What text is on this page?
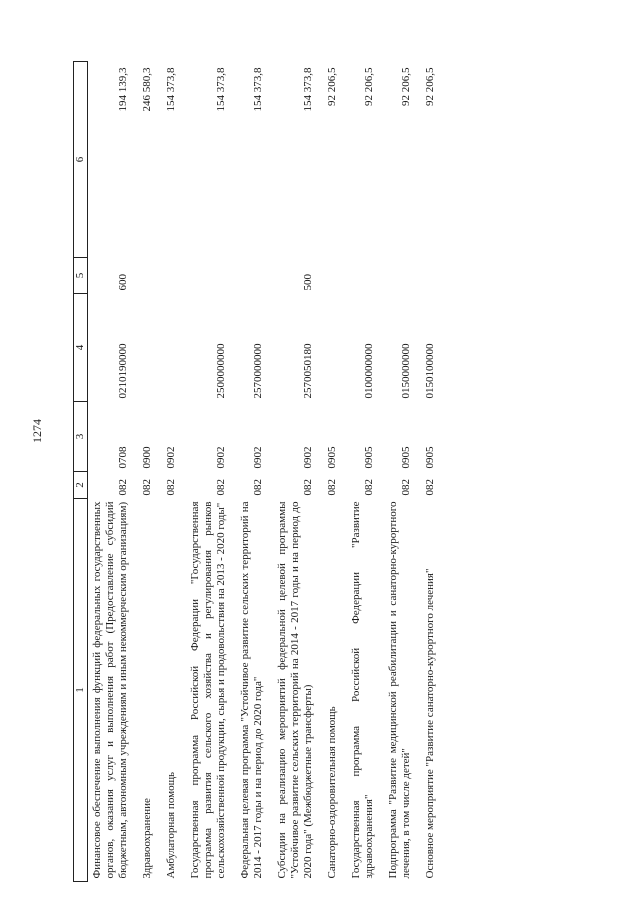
1274
1	2	3	4	5	6
Финансовое обеспечение выполнения функций федеральных государственных органов, оказания услуг и выполнения работ (Предоставление субсидий бюджетным, автономным учреждениям и иным некоммерческим организациям)	082	0708	0210190000	600	194 139,3
Здравоохранение	082	0900			246 580,3
Амбулаторная помощь	082	0902			154 373,8
Государственная программа Российской Федерации "Государственная программа развития сельского хозяйства и регулирования рынков сельскохозяйственной продукции, сырья и продовольствия на 2013 - 2020 годы"	082	0902	2500000000		154 373,8
Федеральная целевая программа "Устойчивое развитие сельских территорий на 2014 - 2017 годы и на период до 2020 года"	082	0902	2570000000		154 373,8
Субсидии на реализацию мероприятий федеральной целевой программы "Устойчивое развитие сельских территорий на 2014 - 2017 годы и на период до 2020 года" (Межбюджетные трансферты)	082	0902	2570050180	500	154 373,8
Санаторно-оздоровительная помощь	082	0905			92 206,5
Государственная программа Российской Федерации "Развитие здравоохранения"	082	0905	0100000000		92 206,5
Подпрограмма "Развитие медицинской реабилитации и санаторно-курортного лечения, в том числе детей"	082	0905	0150000000		92 206,5
Основное мероприятие "Развитие санаторно-курортного лечения"	082	0905	0150100000		92 206,5
